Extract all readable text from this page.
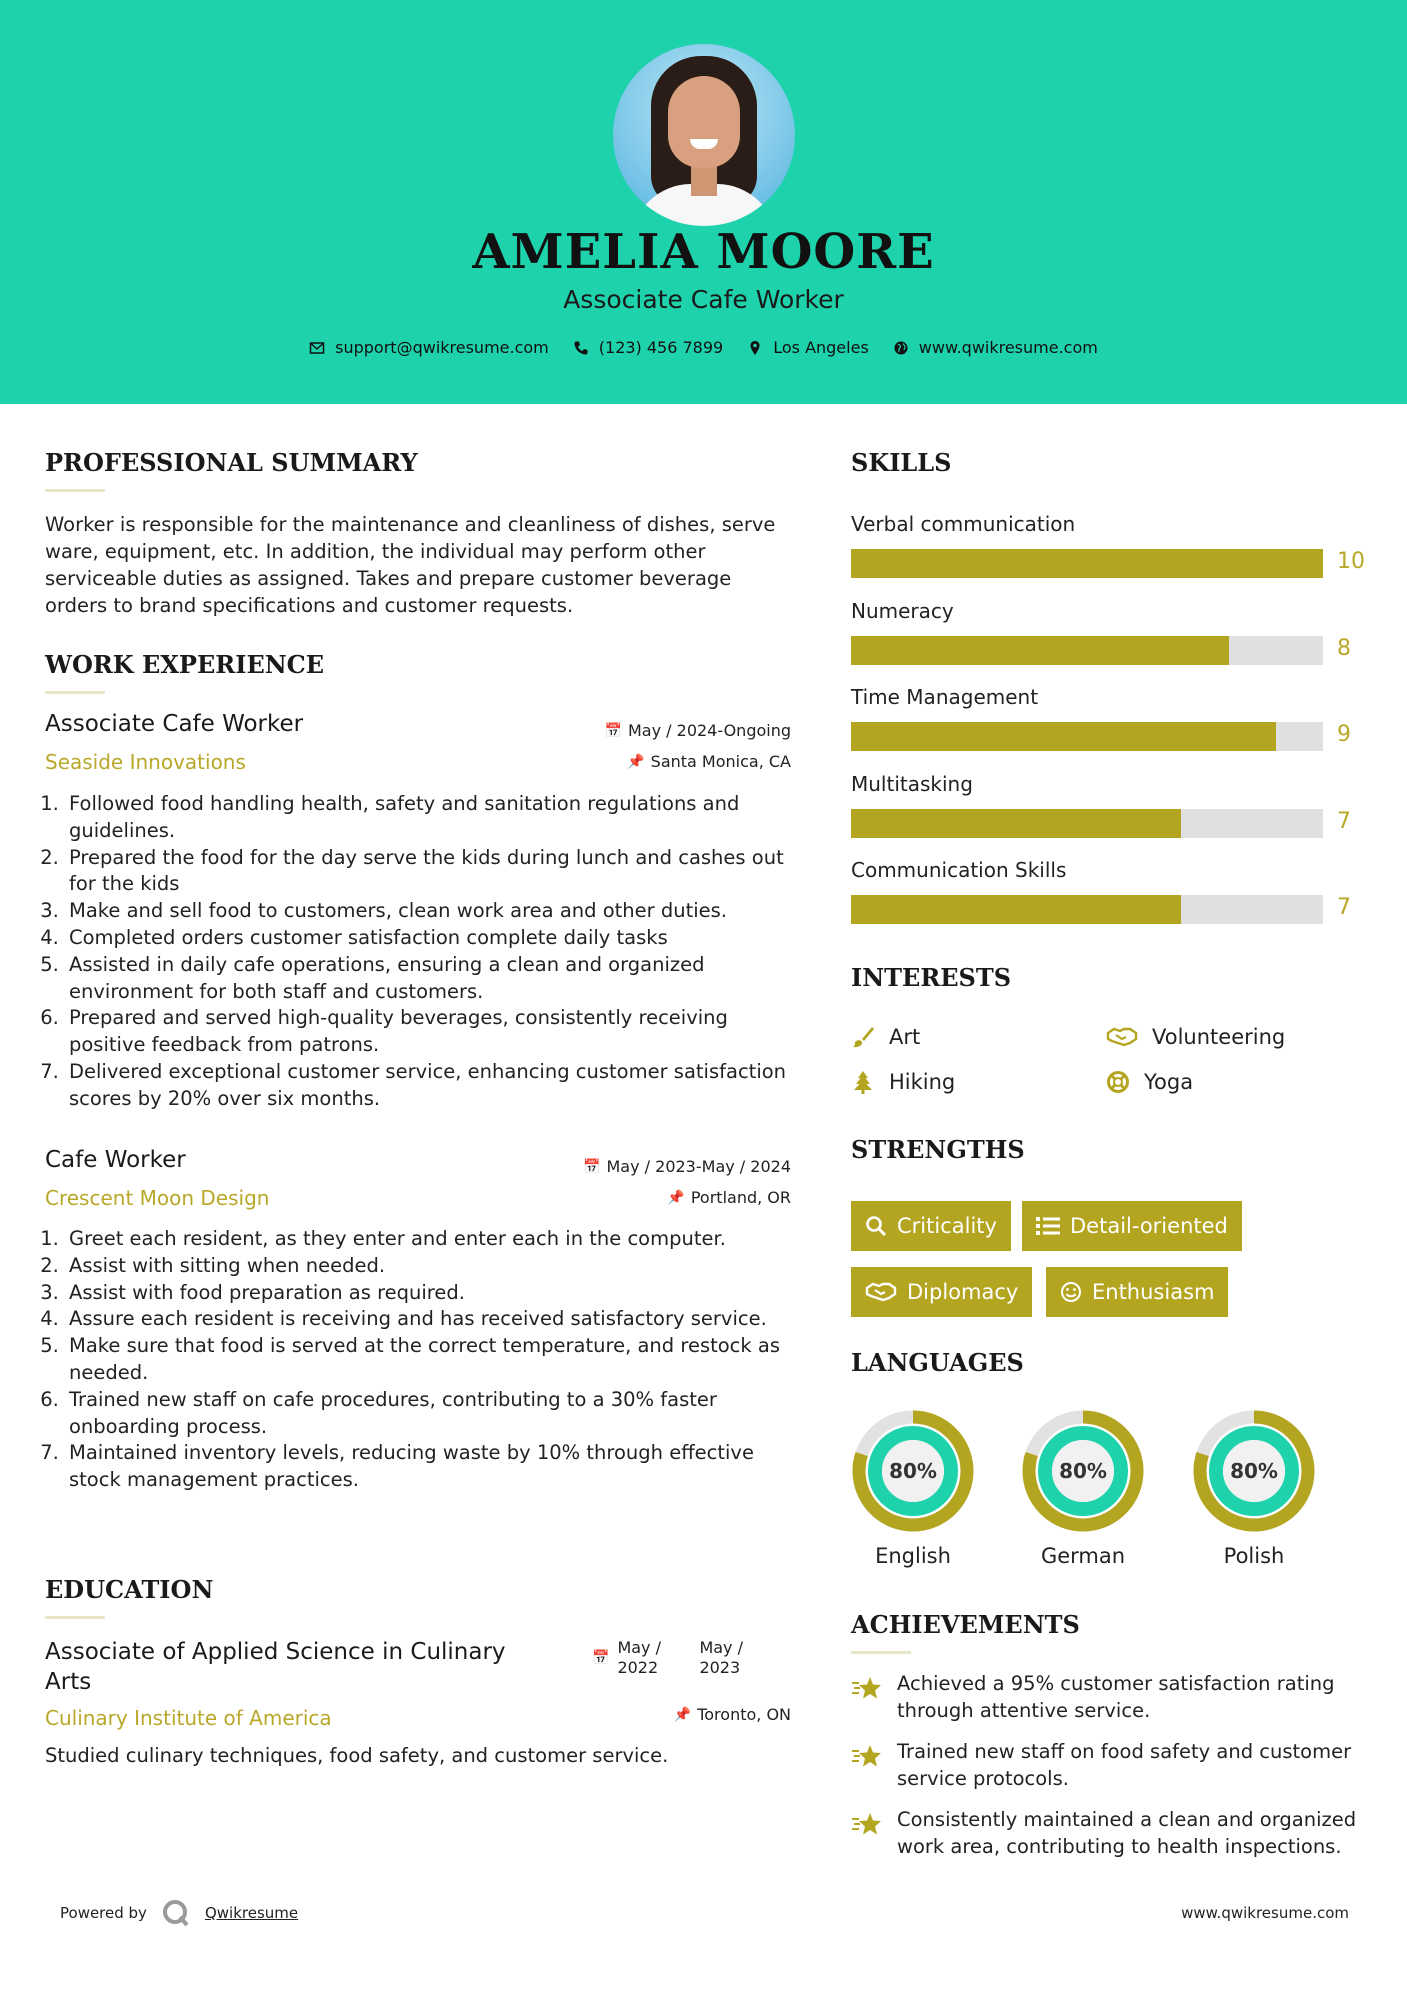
AMELIA MOORE
Associate Cafe Worker
support@qwikresume.com	(123) 456 7899	Los Angeles	www.qwikresume.com
PROFESSIONAL SUMMARY
Worker is responsible for the maintenance and cleanliness of dishes, serve ware, equipment, etc. In addition, the individual may perform other serviceable duties as assigned. Takes and prepare customer beverage orders to brand specifications and customer requests.
WORK EXPERIENCE
Associate Cafe Worker
Seaside Innovations
📅 May / 2024-Ongoing
📌 Santa Monica, CA
1. Followed food handling health, safety and sanitation regulations and guidelines.
2. Prepared the food for the day serve the kids during lunch and cashes out for the kids
3. Make and sell food to customers, clean work area and other duties.
4. Completed orders customer satisfaction complete daily tasks
5. Assisted in daily cafe operations, ensuring a clean and organized environment for both staff and customers.
6. Prepared and served high-quality beverages, consistently receiving positive feedback from patrons.
7. Delivered exceptional customer service, enhancing customer satisfaction scores by 20% over six months.
Cafe Worker
Crescent Moon Design
📅 May / 2023-May / 2024
📌 Portland, OR
1. Greet each resident, as they enter and enter each in the computer.
2. Assist with sitting when needed.
3. Assist with food preparation as required.
4. Assure each resident is receiving and has received satisfactory service.
5. Make sure that food is served at the correct temperature, and restock as needed.
6. Trained new staff on cafe procedures, contributing to a 30% faster onboarding process.
7. Maintained inventory levels, reducing waste by 10% through effective stock management practices.
EDUCATION
Associate of Applied Science in Culinary
Arts
Culinary Institute of America
📅
May /
2022
May /
2023
📌 Toronto, ON
Studied culinary techniques, food safety, and customer service.
SKILLS
Verbal communication
10
Numeracy
8
Time Management
9
Multitasking
7
Communication Skills
7
INTERESTS
Art	Volunteering
Hiking	Yoga
STRENGTHS
Criticality	Detail-oriented
Diplomacy	Enthusiasm
LANGUAGES
80%
English
80%
German
80%
Polish
ACHIEVEMENTS
Achieved a 95% customer satisfaction rating through attentive service.
Trained new staff on food safety and customer service protocols.
Consistently maintained a clean and organized work area, contributing to health inspections.
Powered by	Qwikresume	www.qwikresume.com
